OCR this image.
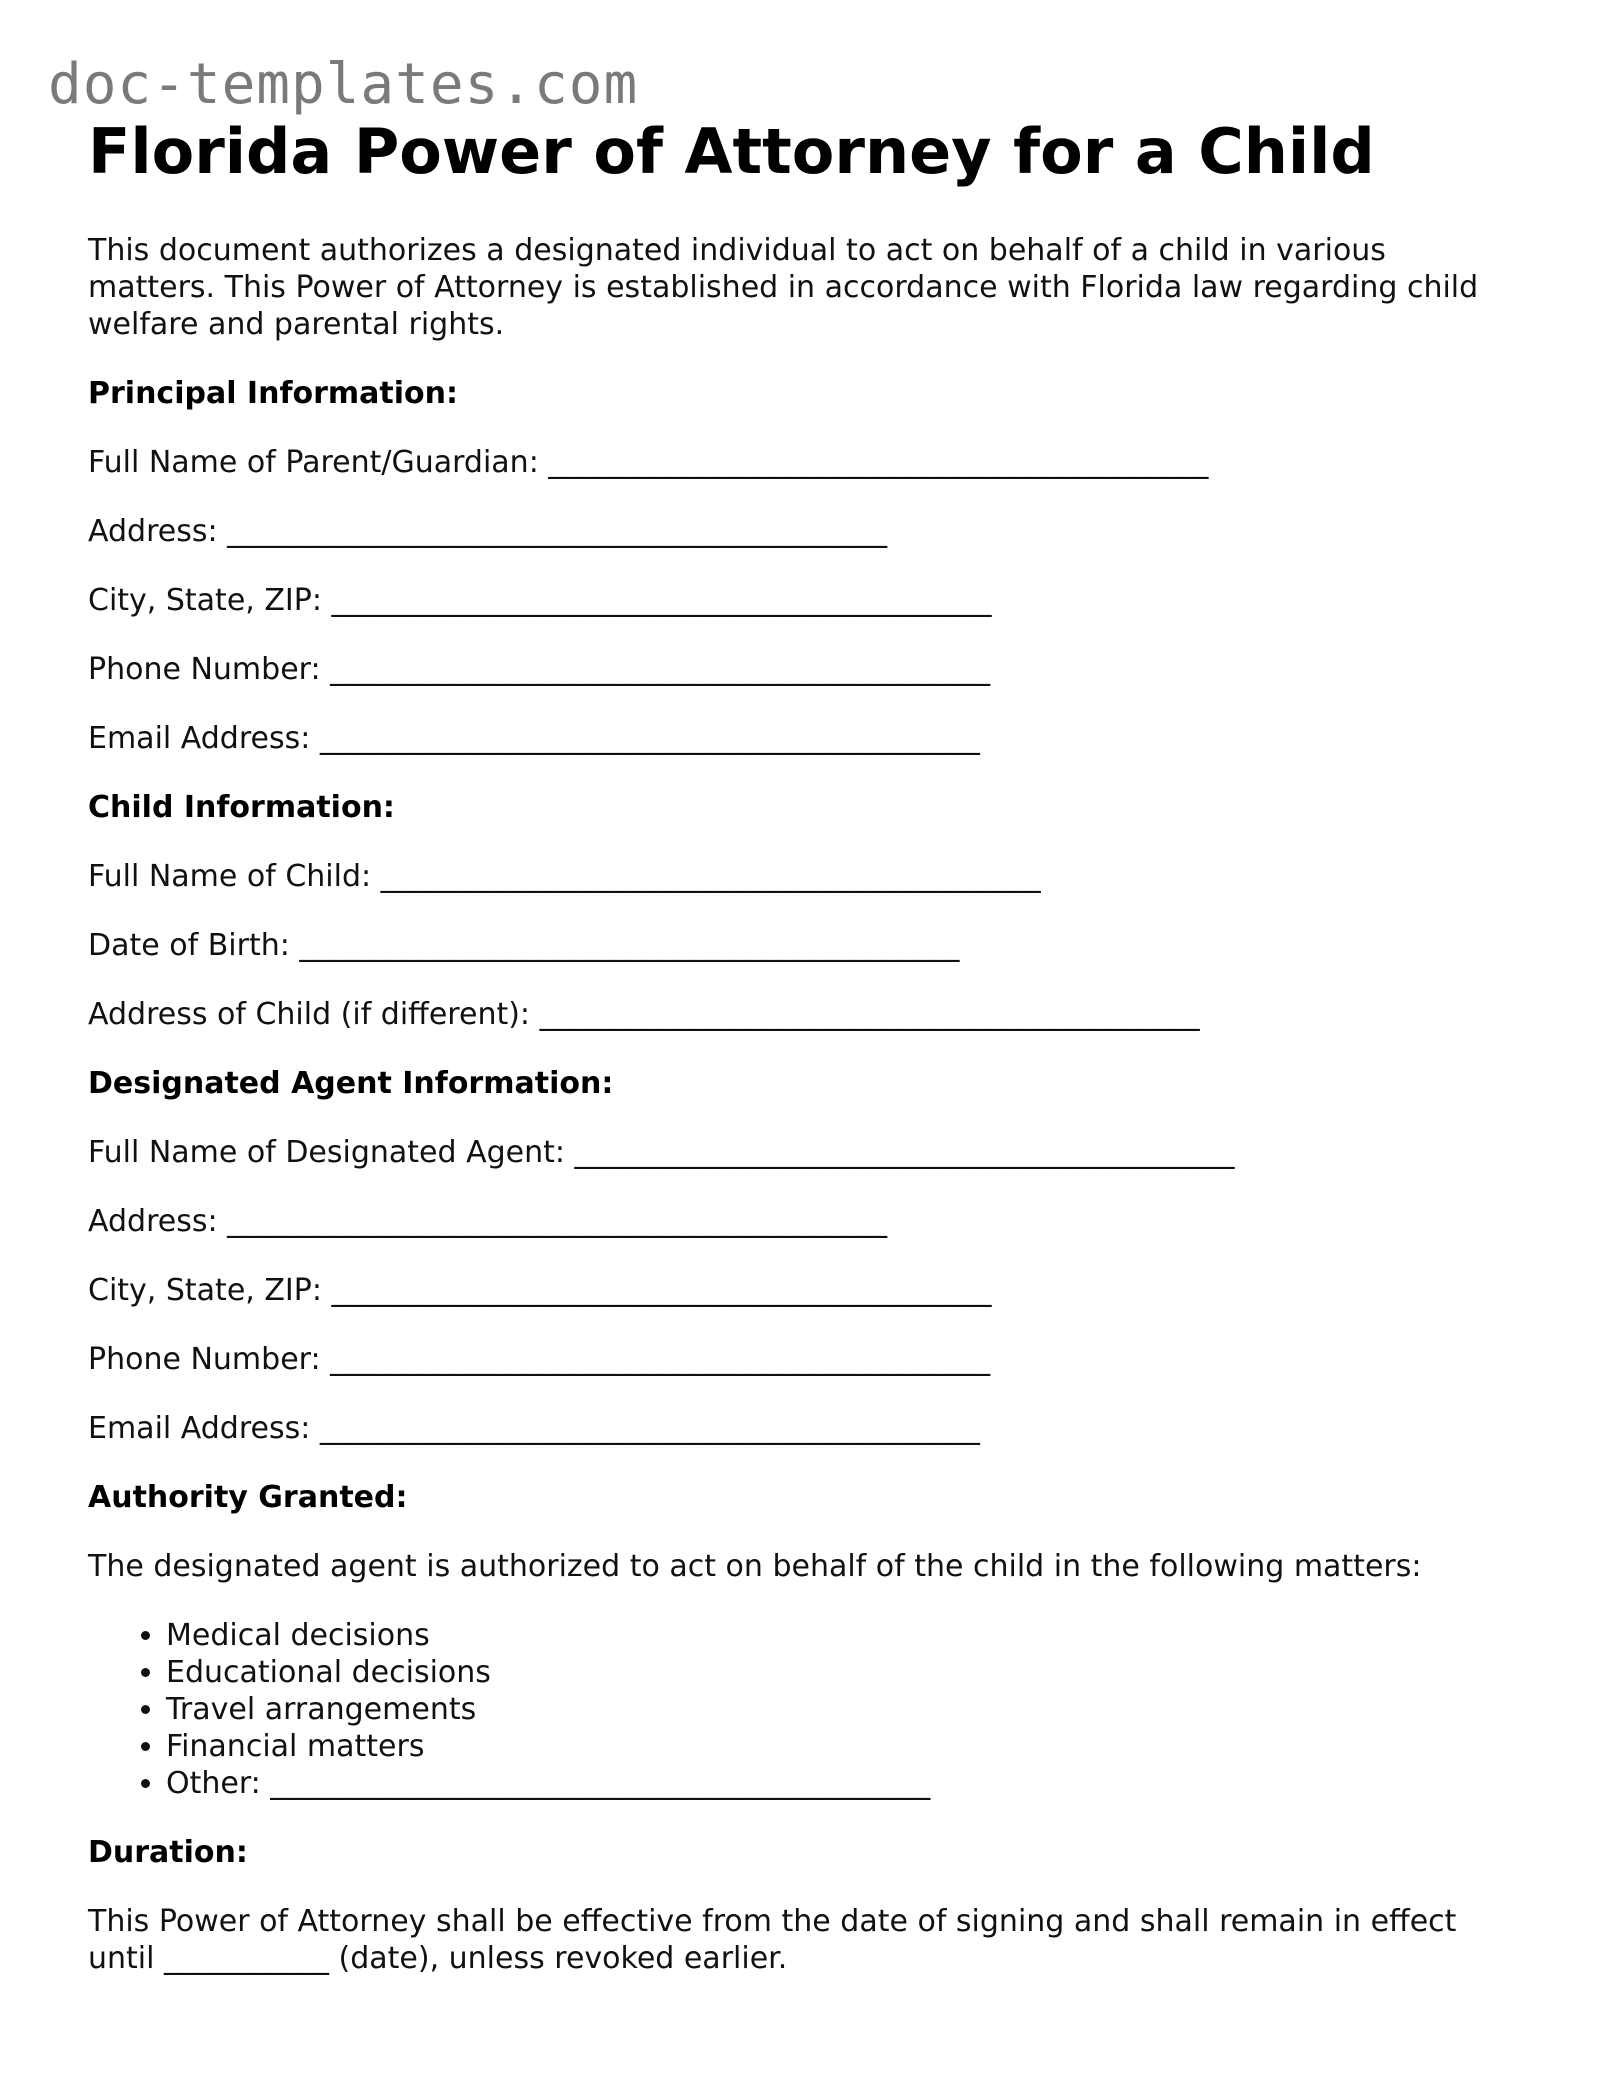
doc-templates.com
Florida Power of Attorney for a Child

This document authorizes a designated individual to act on behalf of a child in various matters. This Power of Attorney is established in accordance with Florida law regarding child welfare and parental rights.

Principal Information:
Full Name of Parent/Guardian: ____________________________________________
Address: ____________________________________________
City, State, ZIP: ____________________________________________
Phone Number: ____________________________________________
Email Address: ____________________________________________
Child Information:
Full Name of Child: ____________________________________________
Date of Birth: ____________________________________________
Address of Child (if different): ____________________________________________
Designated Agent Information:
Full Name of Designated Agent: ____________________________________________
Address: ____________________________________________
City, State, ZIP: ____________________________________________
Phone Number: ____________________________________________
Email Address: ____________________________________________
Authority Granted:

The designated agent is authorized to act on behalf of the child in the following matters:

• Medical decisions
• Educational decisions
• Travel arrangements
• Financial matters
• Other: ____________________________________________
Duration:

This Power of Attorney shall be effective from the date of signing and shall remain in effect until ___________ (date), unless revoked earlier.
